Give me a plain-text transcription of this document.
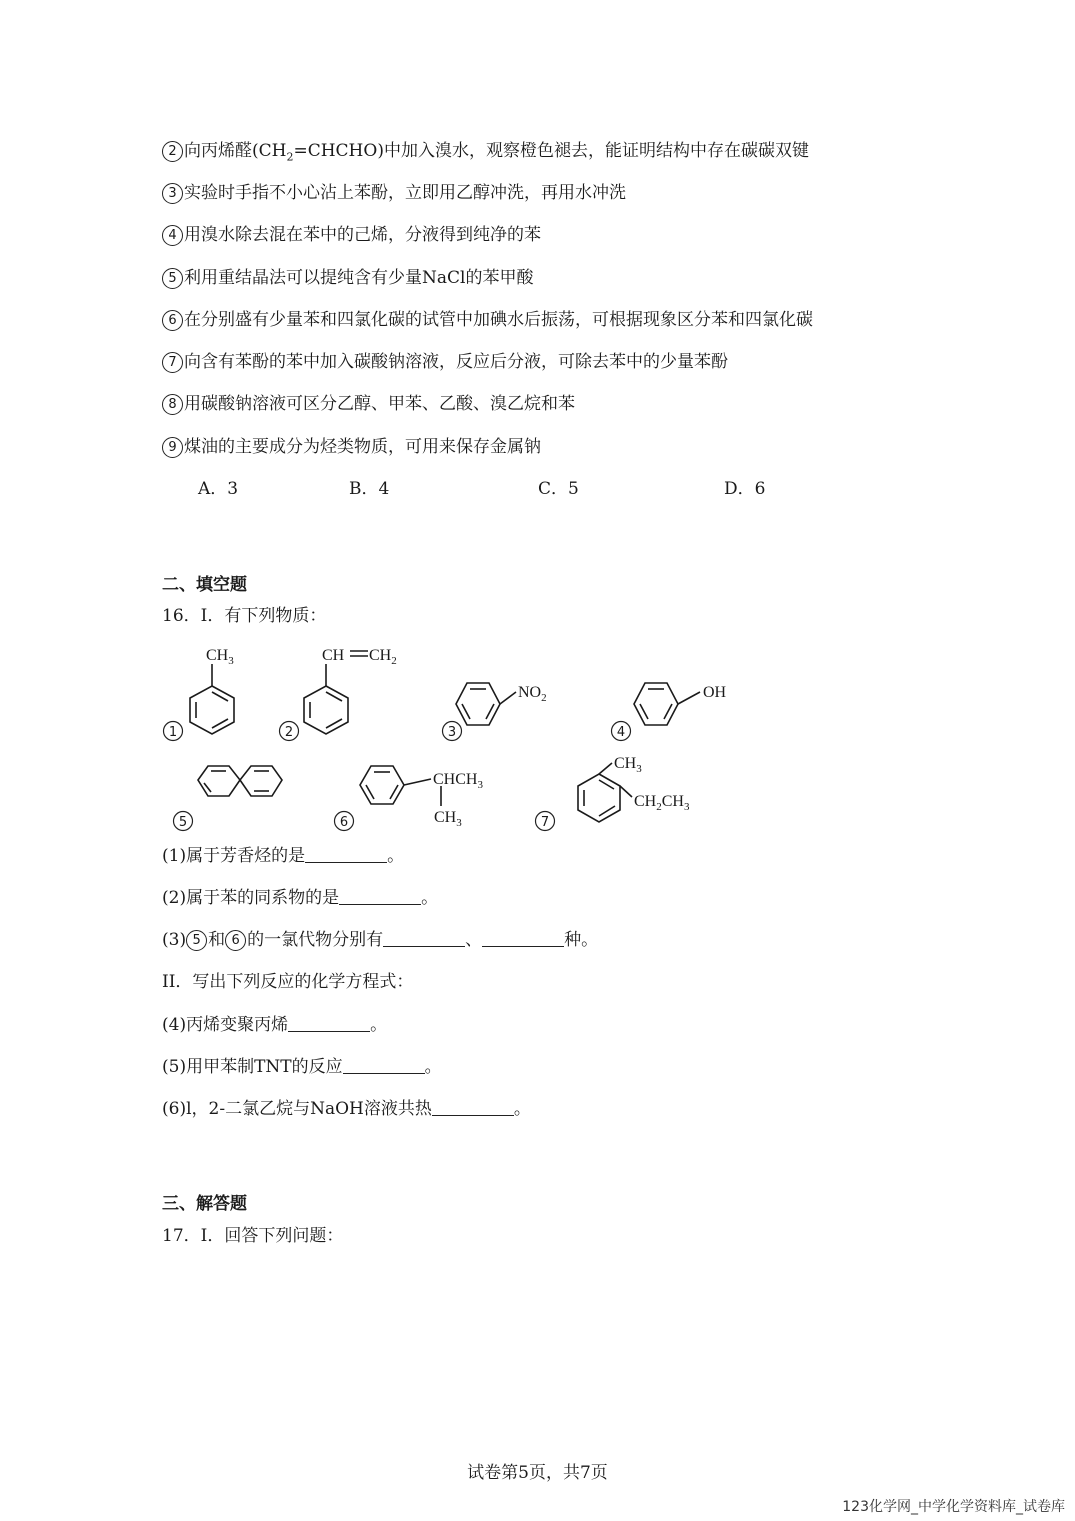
2 向丙烯醛$(CH_2=CHCHO)$中加入溴水，观察橙色褪去，能证明结构中存在碳碳双键
3 实验时手指不小心沾上苯酚，立即用乙醇冲洗，再用水冲洗
4 用溴水除去混在苯中的己烯，分液得到纯净的苯
5 利用重结晶法可以提纯含有少量NaCl的苯甲酸
6 在分别盛有少量苯和四氯化碳的试管中加碘水后振荡，可根据现象区分苯和四氯化碳
7 向含有苯酚的苯中加入碳酸钠溶液，反应后分液，可除去苯中的少量苯酚
8 用碳酸钠溶液可区分乙醇、甲苯、乙酸、溴乙烷和苯
9 煤油的主要成分为烃类物质，可用来保存金属钠
A．3	B．4	C．5	D．6
二、填空题
16．I．有下列物质：
1	2	3	4
5	6	7
$CH_3$	CH $CH_2$
$NO_2$	OH
$CHCH_3$
$CH_3$
$CH_3$
$CH_2CH_3$
(1)属于芳香烃的是	。
(2)属于苯的同系物的是	。
(3) 5 和 6 的一氯代物分别有	、	种。
II．写出下列反应的化学方程式：
(4)丙烯变聚丙烯	。
(5)用甲苯制TNT的反应	。
(6)l，2-二氯乙烷与NaOH溶液共热	。
三、解答题
17．I．回答下列问题：
试卷第5页，共7页
123化学网_中学化学资料库_试卷库
